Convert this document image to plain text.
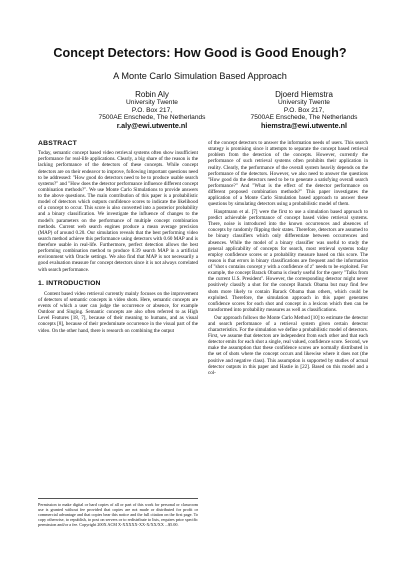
Concept Detectors: How Good is Good Enough?
A Monte Carlo Simulation Based Approach
Robin Aly
University Twente
P.O. Box 217,
7500AE Enschede, The Netherlands
r.aly@ewi.utwente.nl
Djoerd Hiemstra
University Twente
P.O. Box 217,
7500AE Enschede, The Netherlands
hiemstra@ewi.utwente.nl
ABSTRACT

Today, semantic concept based video retrieval systems often show insufficient performance for real-life applications. Clearly, a big share of the reason is the lacking performance of the detectors of these concepts. While concept detectors are on their endeavor to improve, following important questions need to be addressed: "How good do detectors need to be to produce usable search systems?" and "How does the detector performance influence different concept combination methods?". We use Monte Carlo Simulations to provide answers to the above questions. The main contribution of this paper is a probabilistic model of detectors which outputs confidence scores to indicate the likelihood of a concept to occur. This score is also converted into a posterior probability and a binary classification. We investigate the influence of changes to the model's parameters on the performance of multiple concept combination methods. Current web search engines produce a mean average precision (MAP) of around 0.20. Our simulation reveals that the best performing video search method achieve this performance using detectors with 0.60 MAP and is therefore usable in real-life. Furthermore, perfect detection allows the best performing combination method to produce 0.39 search MAP in a artificial environment with Oracle settings. We also find that MAP is not necessarily a good evaluation measure for concept detectors since it is not always correlated with search performance.

1. INTRODUCTION

Content based video retrieval currently mainly focuses on the improvement of detectors of semantic concepts in video shots. Here, semantic concepts are events of which a user can judge the occurrence or absence, for example Outdoor and Singing. Semantic concepts are also often referred to as High Level Features [18, 7], because of their meaning to humans, and as visual concepts [8], because of their predominate occurrence in the visual part of the video. On the other hand, there is research on combining the output

of the concept detectors to answer the information needs of users. This search strategy is promising since it attempts to separate the concept based retrieval problem from the detection of the concepts. However, currently the performance of such retrieval systems often prohibits their application in reality. Clearly, the performance of the overall system heavily depends on the performance of the detectors. However, we also need to answer the questions "How good do the detectors need to be to generate a satisfying overall search performance?" And "What is the effect of the detector performance on different proposed combination methods?" This paper investigates the application of a Monte Carlo Simulation based approach to answer these questions by simulating detectors using a probabilistic model of them.

Hauptmann et al. [7] were the first to use a simulation based approach to predict achievable performance of concept based video retrieval systems. There, noise is introduced into the known occurrences and absences of concepts by randomly flipping their states. Therefore, detectors are assumed to be binary classifiers which only differentiate between occurrences and absences. While the model of a binary classifier was useful to study the general applicability of concepts for search, most retrieval systems today employ confidence scores or a probability measure based on this score. The reason is that errors in binary classifications are frequent and the information of "shot s contains concept y with a confidence of z" needs to be exploited. For example, the concept Barack Obama is clearly useful for the query "Talks from the current U.S. President". However, the corresponding detector might never positively classify a shot for the concept Barack Obama but may find few shots more likely to contain Barack Obama than others, which could be exploited. Therefore, the simulation approach in this paper generates confidence scores for each shot and concept in a lexicon which then can be transformed into probability measures as well as classifications.

Our approach follows the Monte Carlo Method [10] to estimate the detector and search performance of a retrieval system given certain detector characteristics. For the simulation we define a probabilistic model of detectors. First, we assume that detectors are independent from each other and that each detector emits for each shot a single, real valued, confidence score. Second, we make the assumption that these confidence scores are normally distributed in the set of shots where the concept occurs and likewise where it does not (the positive and negative class). This assumption is supported by studies of actual detector outputs in this paper and Hastie in [22]. Based on this model and a col-

Permission to make digital or hard copies of all or part of this work for personal or classroom use is granted without fee provided that copies are not made or distributed for profit or commercial advantage and that copies bear this notice and the full citation on the first page. To copy otherwise, to republish, to post on servers or to redistribute to lists, requires prior specific permission and/or a fee. Copyright 200X ACM X-XXXXX-XX-X/XX/XX ...$5.00.
